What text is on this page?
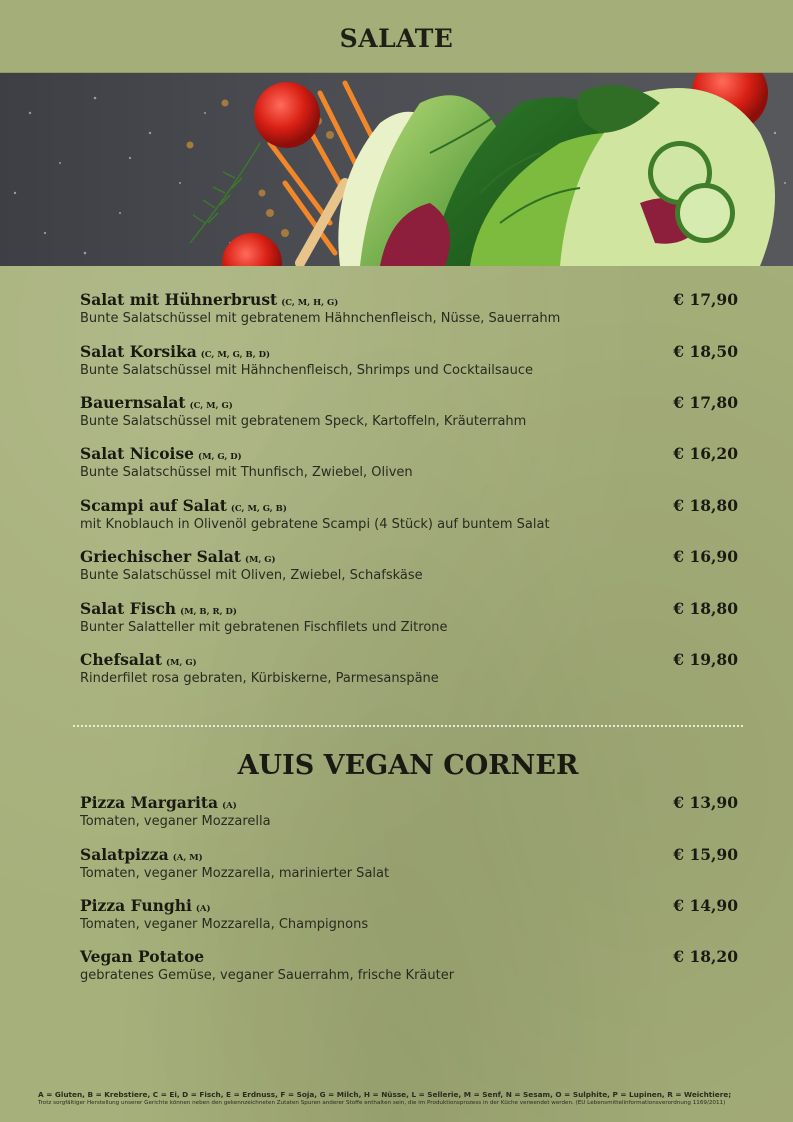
SALATE
Salat mit Hühnerbrust (C, M, H, G)	€ 17,90
Bunte Salatschüssel mit gebratenem Hähnchenfleisch, Nüsse, Sauerrahm
Salat Korsika (C, M, G, B, D)	€ 18,50
Bunte Salatschüssel mit Hähnchenfleisch, Shrimps und Cocktailsauce
Bauernsalat (C, M, G)	€ 17,80
Bunte Salatschüssel mit gebratenem Speck, Kartoffeln, Kräuterrahm
Salat Nicoise (M, G, D)	€ 16,20
Bunte Salatschüssel mit Thunfisch, Zwiebel, Oliven
Scampi auf Salat (C, M, G, B)	€ 18,80
mit Knoblauch in Olivenöl gebratene Scampi (4 Stück) auf buntem Salat
Griechischer Salat (M, G)	€ 16,90
Bunte Salatschüssel mit Oliven, Zwiebel, Schafskäse
Salat Fisch (M, B, R, D)	€ 18,80
Bunter Salatteller mit gebratenen Fischfilets und Zitrone
Chefsalat (M, G)	€ 19,80
Rinderfilet rosa gebraten, Kürbiskerne, Parmesanspäne
AUIS VEGAN CORNER
Pizza Margarita (A)	€ 13,90
Tomaten, veganer Mozzarella
Salatpizza (A, M)	€ 15,90
Tomaten, veganer Mozzarella, marinierter Salat
Pizza Funghi (A)	€ 14,90
Tomaten, veganer Mozzarella, Champignons
Vegan Potatoe	€ 18,20
gebratenes Gemüse, veganer Sauerrahm, frische Kräuter
A = Gluten, B = Krebstiere, C = Ei, D = Fisch, E = Erdnuss, F = Soja, G = Milch, H = Nüsse, L = Sellerie, M = Senf, N = Sesam, O = Sulphite, P = Lupinen, R = Weichtiere;
Trotz sorgfältiger Herstellung unserer Gerichte können neben den gekennzeichneten Zutaten Spuren anderer Stoffe enthalten sein, die im Produktionsprozess in der Küche verwendet werden. (EU Lebensmittelinformationsverordnung 1169/2011)
